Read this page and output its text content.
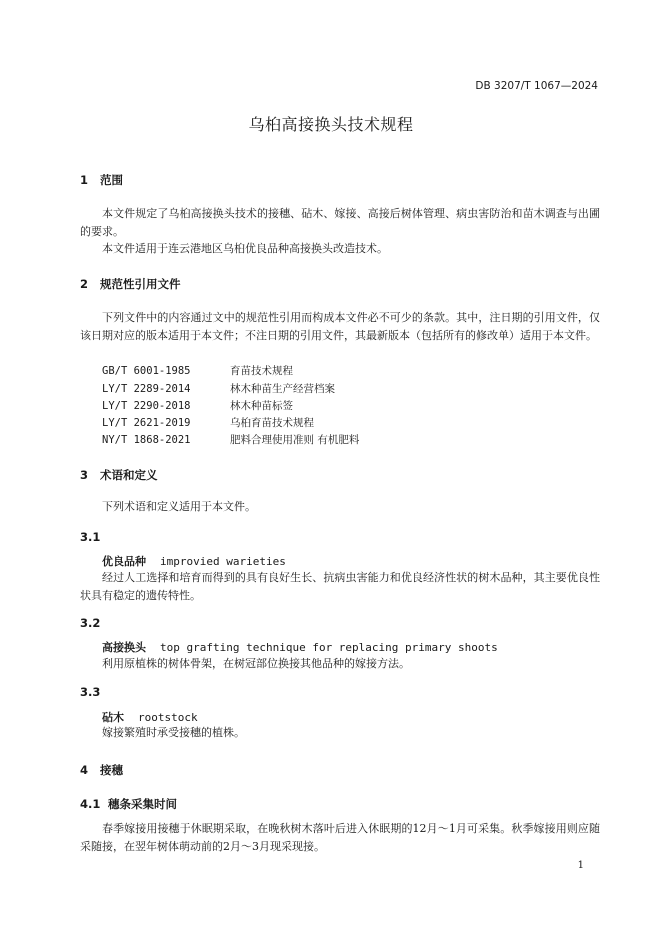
DB 3207/T 1067—2024
乌桕高接换头技术规程
1 范围
本文件规定了乌桕高接换头技术的接穗、砧木、嫁接、高接后树体管理、病虫害防治和苗木调查与出圃的要求。
本文件适用于连云港地区乌桕优良品种高接换头改造技术。
2 规范性引用文件
下列文件中的内容通过文中的规范性引用而构成本文件必不可少的条款。其中，注日期的引用文件，仅该日期对应的版本适用于本文件；不注日期的引用文件，其最新版本（包括所有的修改单）适用于本文件。
GB/T 6001-1985	育苗技术规程
LY/T 2289-2014	林木种苗生产经营档案
LY/T 2290-2018	林木种苗标签
LY/T 2621-2019	乌桕育苗技术规程
NY/T 1868-2021	肥料合理使用准则 有机肥料
3 术语和定义
下列术语和定义适用于本文件。
3.1
优良品种 improvied warieties
经过人工选择和培育而得到的具有良好生长、抗病虫害能力和优良经济性状的树木品种，其主要优良性状具有稳定的遗传特性。
3.2
高接换头 top grafting technique for replacing primary shoots
利用原植株的树体骨架，在树冠部位换接其他品种的嫁接方法。
3.3
砧木 rootstock
嫁接繁殖时承受接穗的植株。
4 接穗
4.1 穗条采集时间
春季嫁接用接穗于休眠期采取，在晚秋树木落叶后进入休眠期的12月～1月可采集。秋季嫁接用则应随采随接，在翌年树体萌动前的2月～3月现采现接。
1
